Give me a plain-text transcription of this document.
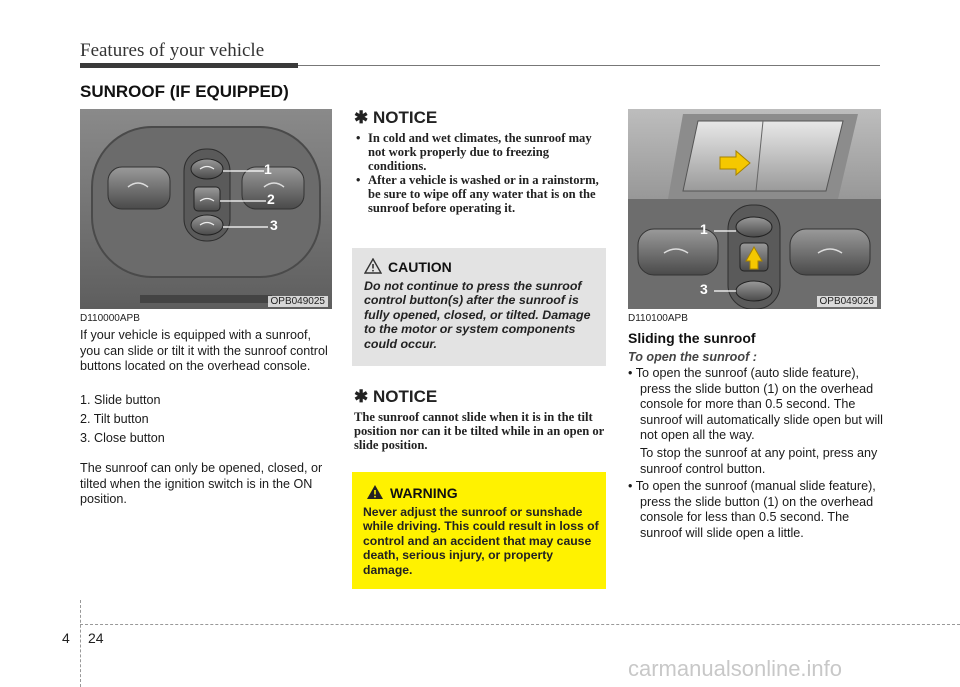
Features of your vehicle
SUNROOF (IF EQUIPPED)
1
2
3
OPB049025
D110000APB
If your vehicle is equipped with a sunroof, you can slide or tilt it with the sunroof control buttons located on the overhead console.
1. Slide button
2. Tilt button
3. Close button
The sunroof can only be opened, closed, or tilted when the ignition switch is in the ON position.
✱ NOTICE
• In cold and wet climates, the sunroof may not work properly due to freezing conditions.
• After a vehicle is washed or in a rainstorm, be sure to wipe off any water that is on the sunroof before operating it.
CAUTION
Do not continue to press the sunroof control button(s) after the sunroof is fully opened, closed, or tilted. Damage to the motor or system components could occur.
✱ NOTICE
The sunroof cannot slide when it is in the tilt position nor can it be tilted while in an open or slide position.
WARNING
Never adjust the sunroof or sunshade while driving. This could result in loss of control and an accident that may cause death, serious injury, or property damage.
1
3
OPB049026
D110100APB
Sliding the sunroof
To open the sunroof :
• To open the sunroof (auto slide feature), press the slide button (1) on the overhead console for more than 0.5 second. The sunroof will automatically slide open but will not open all the way.
To stop the sunroof at any point, press any sunroof control button.
• To open the sunroof (manual slide feature), press the slide button (1) on the overhead console for less than 0.5 second. The sunroof will slide open a little.
4 24
carmanualsonline.info
